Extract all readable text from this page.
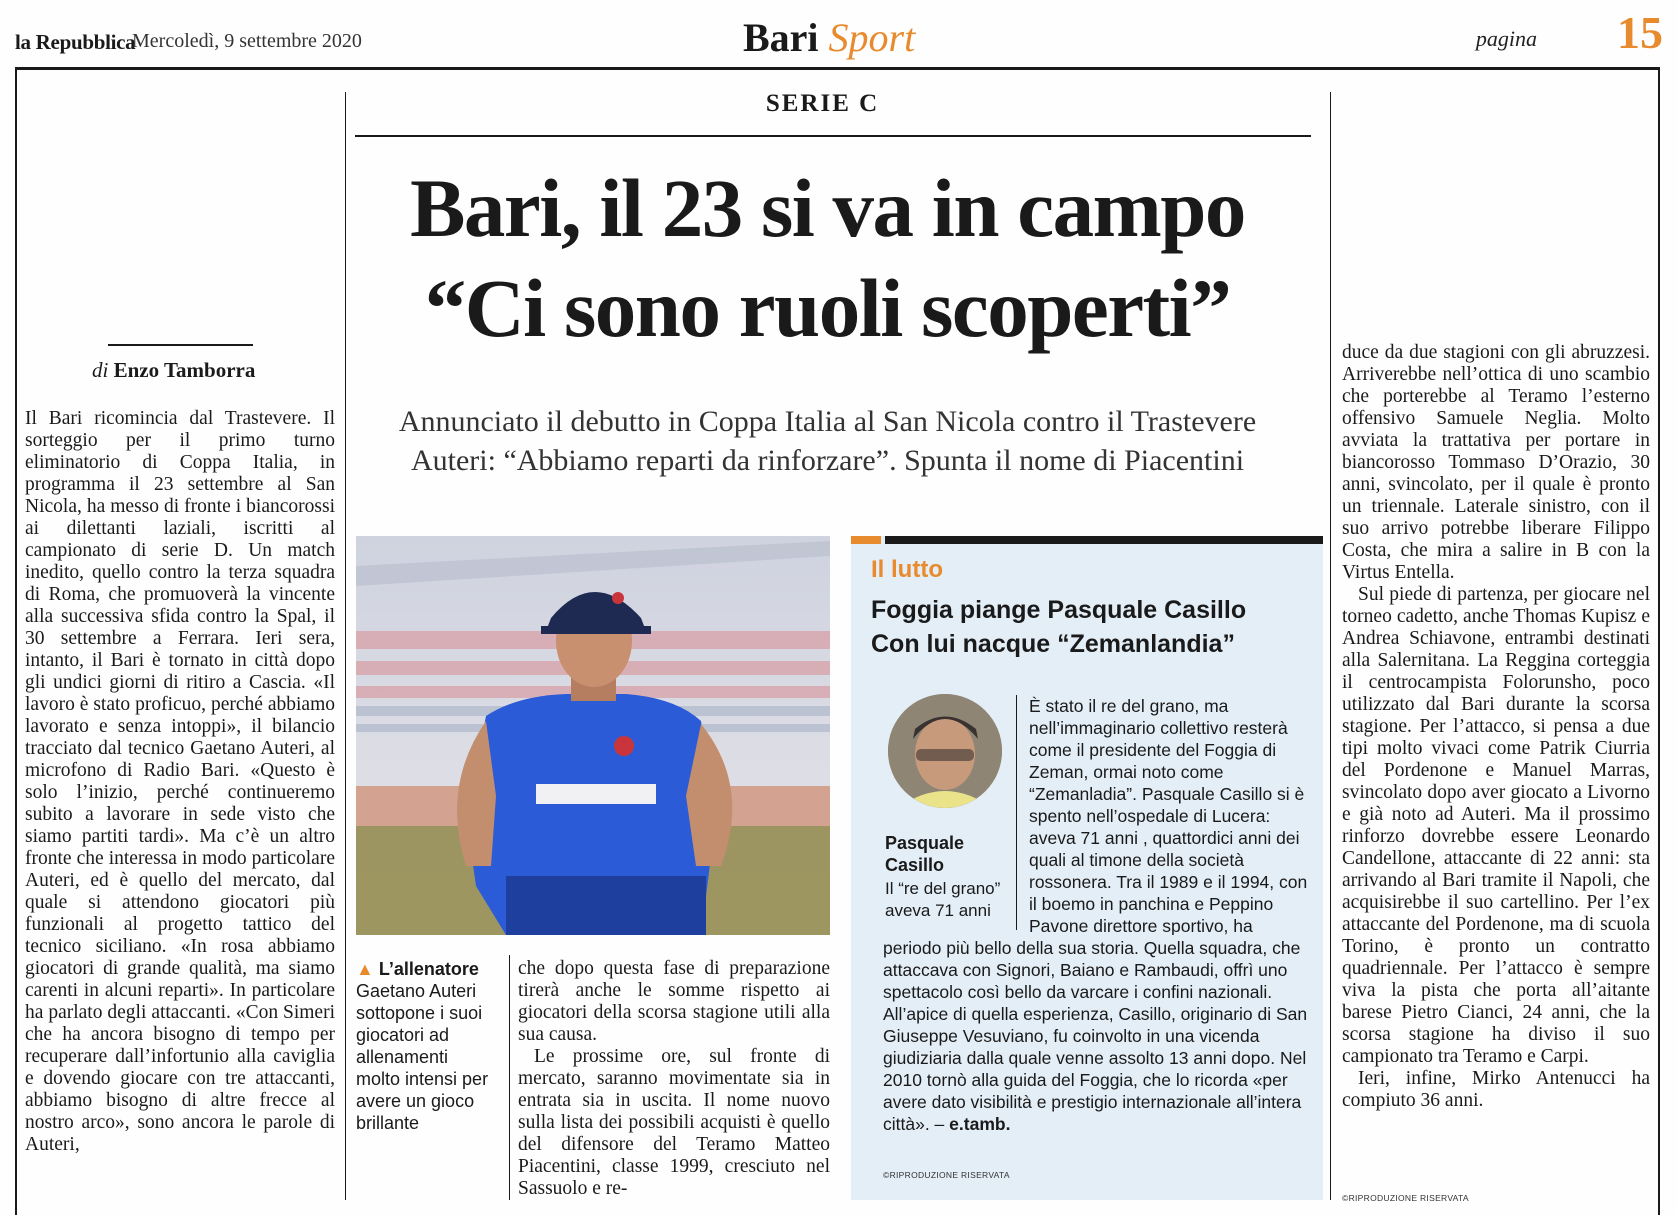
la Repubblica
Mercoledì, 9 settembre 2020	Bari Sport	pagina 15
SERIE C
Bari, il 23 si va in campo
“Ci sono ruoli scoperti”
Annunciato il debutto in Coppa Italia al San Nicola contro il Trastevere
Auteri: “Abbiamo reparti da rinforzare”. Spunta il nome di Piacentini
di Enzo Tamborra

Il Bari ricomincia dal Trastevere. Il sorteggio per il primo turno eliminatorio di Coppa Italia, in programma il 23 settembre al San Nicola, ha messo di fronte i biancorossi ai dilettanti laziali, iscritti al campionato di serie D. Un match inedito, quello contro la terza squadra di Roma, che promuoverà la vincente alla successiva sfida contro la Spal, il 30 settembre a Ferrara. Ieri sera, intanto, il Bari è tornato in città dopo gli undici giorni di ritiro a Cascia. «Il lavoro è stato proficuo, perché abbiamo lavorato e senza intoppi», il bilancio tracciato dal tecnico Gaetano Auteri, al microfono di Radio Bari. «Questo è solo l’inizio, perché continueremo subito a lavorare in sede visto che siamo partiti tardi». Ma c’è un altro fronte che interessa in modo particolare Auteri, ed è quello del mercato, dal quale si attendono giocatori più funzionali al progetto tattico del tecnico siciliano. «In rosa abbiamo giocatori di grande qualità, ma siamo carenti in alcuni reparti». In particolare ha parlato degli attaccanti. «Con Simeri che ha ancora bisogno di tempo per recuperare dall’infortunio alla caviglia e dovendo giocare con tre attaccanti, abbiamo bisogno di altre frecce al nostro arco», sono ancora le parole di Auteri,

▲ L’allenatore
Gaetano Auteri sottopone i suoi giocatori ad allenamenti molto intensi per avere un gioco brillante

che dopo questa fase di preparazione tirerà anche le somme rispetto ai giocatori della scorsa stagione utili alla sua causa.

Le prossime ore, sul fronte di mercato, saranno movimentate sia in entrata sia in uscita. Il nome nuovo sulla lista dei possibili acquisti è quello del difensore del Teramo Matteo Piacentini, classe 1999, cresciuto nel Sassuolo e re-

Il lutto
Foggia piange Pasquale Casillo
Con lui nacque “Zemanlandia”
Pasquale Casillo
Il “re del grano” aveva 71 anni
È stato il re del grano, ma nell’immaginario collettivo resterà come il presidente del Foggia di Zeman, ormai noto come “Zemanladia”. Pasquale Casillo si è spento nell’ospedale di Lucera: aveva 71 anni , quattordici anni dei quali al timone della società rossonera. Tra il 1989 e il 1994, con il boemo in panchina e Peppino Pavone direttore sportivo, ha
periodo più bello della sua storia. Quella squadra, che attaccava con Signori, Baiano e Rambaudi, offrì uno spettacolo così bello da varcare i confini nazionali. All’apice di quella esperienza, Casillo, originario di San Giuseppe Vesuviano, fu coinvolto in una vicenda giudiziaria dalla quale venne assolto 13 anni dopo. Nel 2010 tornò alla guida del Foggia, che lo ricorda «per avere dato visibilità e prestigio internazionale all’intera città». – e.tamb.
©RIPRODUZIONE RISERVATA

duce da due stagioni con gli abruzzesi. Arriverebbe nell’ottica di uno scambio che porterebbe al Teramo l’esterno offensivo Samuele Neglia. Molto avviata la trattativa per portare in biancorosso Tommaso D’Orazio, 30 anni, svincolato, per il quale è pronto un triennale. Laterale sinistro, con il suo arrivo potrebbe liberare Filippo Costa, che mira a salire in B con la Virtus Entella.

Sul piede di partenza, per giocare nel torneo cadetto, anche Thomas Kupisz e Andrea Schiavone, entrambi destinati alla Salernitana. La Reggina corteggia il centrocampista Folorunsho, poco utilizzato dal Bari durante la scorsa stagione. Per l’attacco, si pensa a due tipi molto vivaci come Patrik Ciurria del Pordenone e Manuel Marras, svincolato dopo aver giocato a Livorno e già noto ad Auteri. Ma il prossimo rinforzo dovrebbe essere Leonardo Candellone, attaccante di 22 anni: sta arrivando al Bari tramite il Napoli, che acquisirebbe il suo cartellino. Per l’ex attaccante del Pordenone, ma di scuola Torino, è pronto un contratto quadriennale. Per l’attacco è sempre viva la pista che porta all’aitante barese Pietro Cianci, 24 anni, che la scorsa stagione ha diviso il suo campionato tra Teramo e Carpi.

Ieri, infine, Mirko Antenucci ha compiuto 36 anni.

©RIPRODUZIONE RISERVATA
